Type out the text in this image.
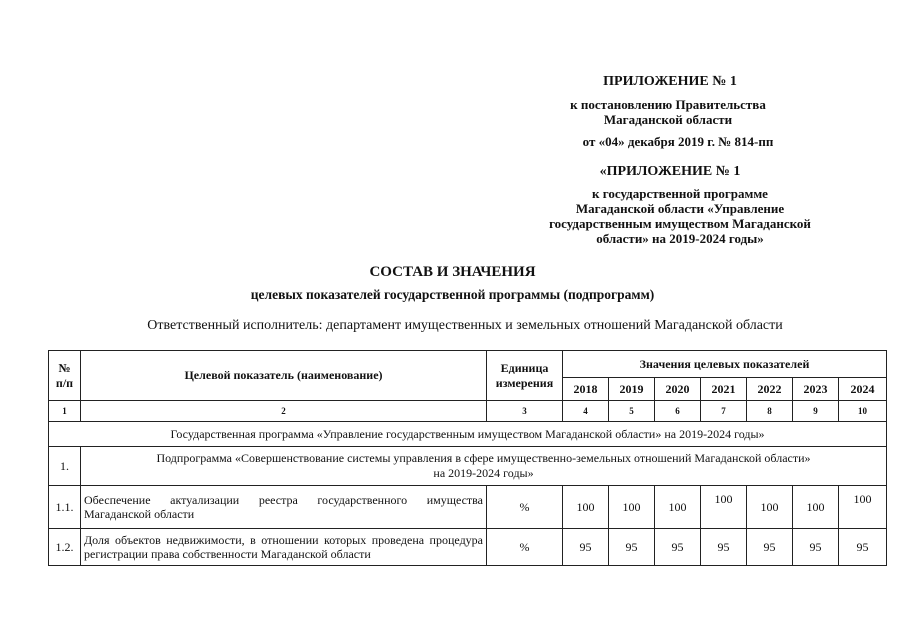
ПРИЛОЖЕНИЕ № 1
к постановлению Правительства
Магаданской области
от «04» декабря 2019 г. № 814-пп
«ПРИЛОЖЕНИЕ № 1
к государственной программе
Магаданской области «Управление
государственным имуществом Магаданской
области» на 2019-2024 годы»
СОСТАВ И ЗНАЧЕНИЯ
целевых показателей государственной программы (подпрограмм)
Ответственный исполнитель: департамент имущественных и земельных отношений Магаданской области
№ п/п	Целевой показатель (наименование)	Единица измерения	Значения целевых показателей						
			2018	2019	2020	2021	2022	2023	2024
1	2	3	4	5	6	7	8	9	10
Государственная программа «Управление государственным имуществом Магаданской области» на 2019-2024 годы»									
1.	Подпрограмма «Совершенствование системы управления в сфере имущественно-земельных отношений Магаданской области»
на 2019-2024 годы»								

1.1.	Обеспечение актуализации реестра государственного имущества Магаданской области	%	100	100	100	100	100	100	100
1.2.	Доля объектов недвижимости, в отношении которых проведена процедура регистрации права собственности Магаданской области	%	95	95	95	95	95	95	95
